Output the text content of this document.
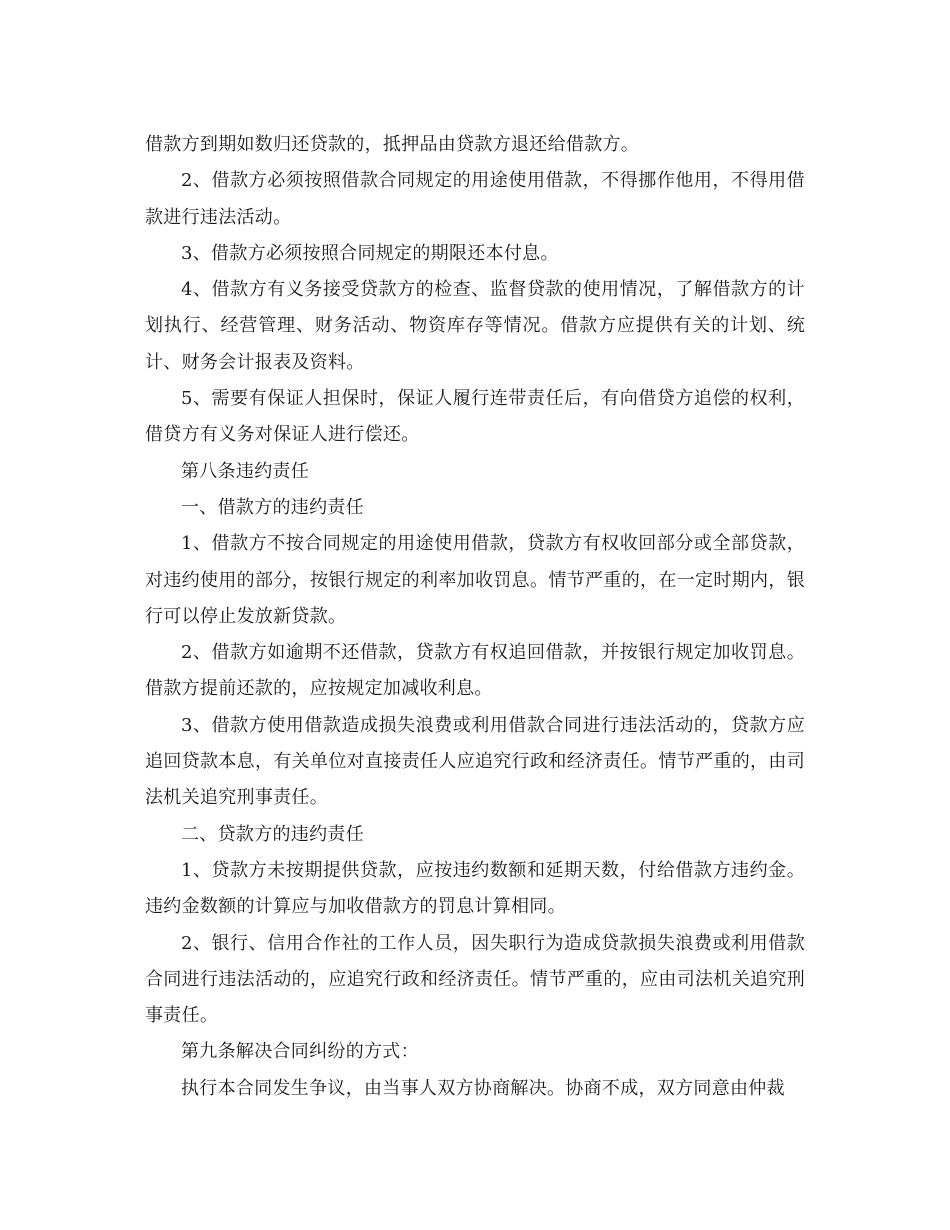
借款方到期如数归还贷款的，抵押品由贷款方退还给借款方。

2、借款方必须按照借款合同规定的用途使用借款，不得挪作他用，不得用借款进行违法活动。

3、借款方必须按照合同规定的期限还本付息。

4、借款方有义务接受贷款方的检查、监督贷款的使用情况，了解借款方的计划执行、经营管理、财务活动、物资库存等情况。借款方应提供有关的计划、统计、财务会计报表及资料。

5、需要有保证人担保时，保证人履行连带责任后，有向借贷方追偿的权利，借贷方有义务对保证人进行偿还。

第八条违约责任

一、借款方的违约责任

1、借款方不按合同规定的用途使用借款，贷款方有权收回部分或全部贷款，对违约使用的部分，按银行规定的利率加收罚息。情节严重的，在一定时期内，银行可以停止发放新贷款。

2、借款方如逾期不还借款，贷款方有权追回借款，并按银行规定加收罚息。借款方提前还款的，应按规定加减收利息。

3、借款方使用借款造成损失浪费或利用借款合同进行违法活动的，贷款方应追回贷款本息，有关单位对直接责任人应追究行政和经济责任。情节严重的，由司法机关追究刑事责任。

二、贷款方的违约责任

1、贷款方未按期提供贷款，应按违约数额和延期天数，付给借款方违约金。违约金数额的计算应与加收借款方的罚息计算相同。

2、银行、信用合作社的工作人员，因失职行为造成贷款损失浪费或利用借款合同进行违法活动的，应追究行政和经济责任。情节严重的，应由司法机关追究刑事责任。

第九条解决合同纠纷的方式：

执行本合同发生争议，由当事人双方协商解决。协商不成，双方同意由仲裁
